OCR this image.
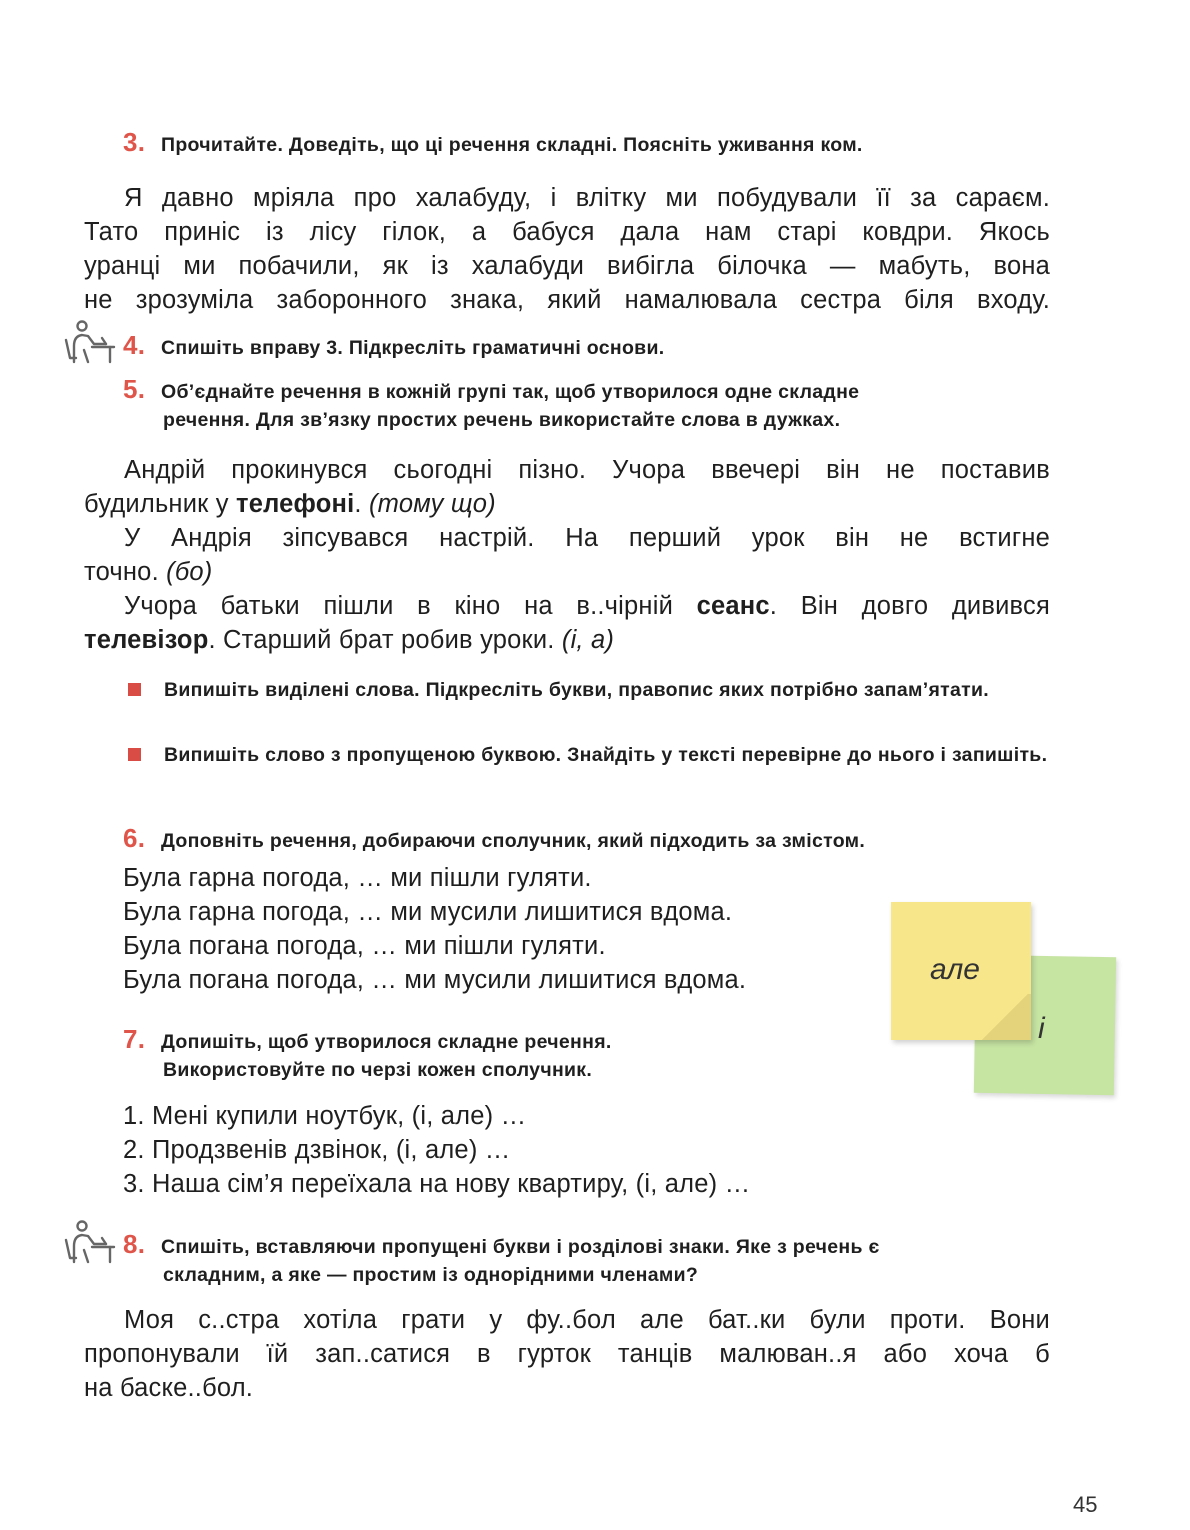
3. Прочитайте. Доведіть, що ці речення складні. Поясніть уживання ком.

Я давно мріяла про халабуду, і влітку ми побудували її за сараєм.

Тато приніс із лісу гілок, а бабуся дала нам старі ковдри. Якось

уранці ми побачили, як із халабуди вибігла білочка — мабуть, вона

не зрозуміла заборонного знака, який намалювала сестра біля входу.

4. Спишіть вправу 3. Підкресліть граматичні основи.
5. Об’єднайте речення в кожній групі так, щоб утворилося одне складне
речення. Для зв’язку простих речень використайте слова в дужках.

Андрій прокинувся сьогодні пізно. Учора ввечері він не поставив

будильник у телефоні. (тому що)

У Андрія зіпсувався настрій. На перший урок він не встигне

точно. (бо)

Учора батьки пішли в кіно на в..чірній сеанс. Він довго дивився

телевізор. Старший брат робив уроки. (і, а)

Випишіть виділені слова. Підкресліть букви, правопис яких потрібно запам’ятати.
Випишіть слово з пропущеною буквою. Знайдіть у тексті перевірне до нього і запишіть.
6. Доповніть речення, добираючи сполучник, який підходить за змістом.
Була гарна погода, … ми пішли гуляти.
Була гарна погода, … ми мусили лишитися вдома.
Була погана погода, … ми пішли гуляти.
Була погана погода, … ми мусили лишитися вдома.	але
і
7. Допишіть, щоб утворилося складне речення.
Використовуйте по черзі кожен сполучник.
1. Мені купили ноутбук, (і, але) …
2. Продзвенів дзвінок, (і, але) …
3. Наша сім’я переїхала на нову квартиру, (і, але) …
8. Спишіть, вставляючи пропущені букви і розділові знаки. Яке з речень є
складним, а яке — простим із однорідними членами?

Моя с..стра хотіла грати у фу..бол але бат..ки були проти. Вони

пропонували їй зап..сатися в гурток танців малюван..я або хоча б

на баске..бол.

45
